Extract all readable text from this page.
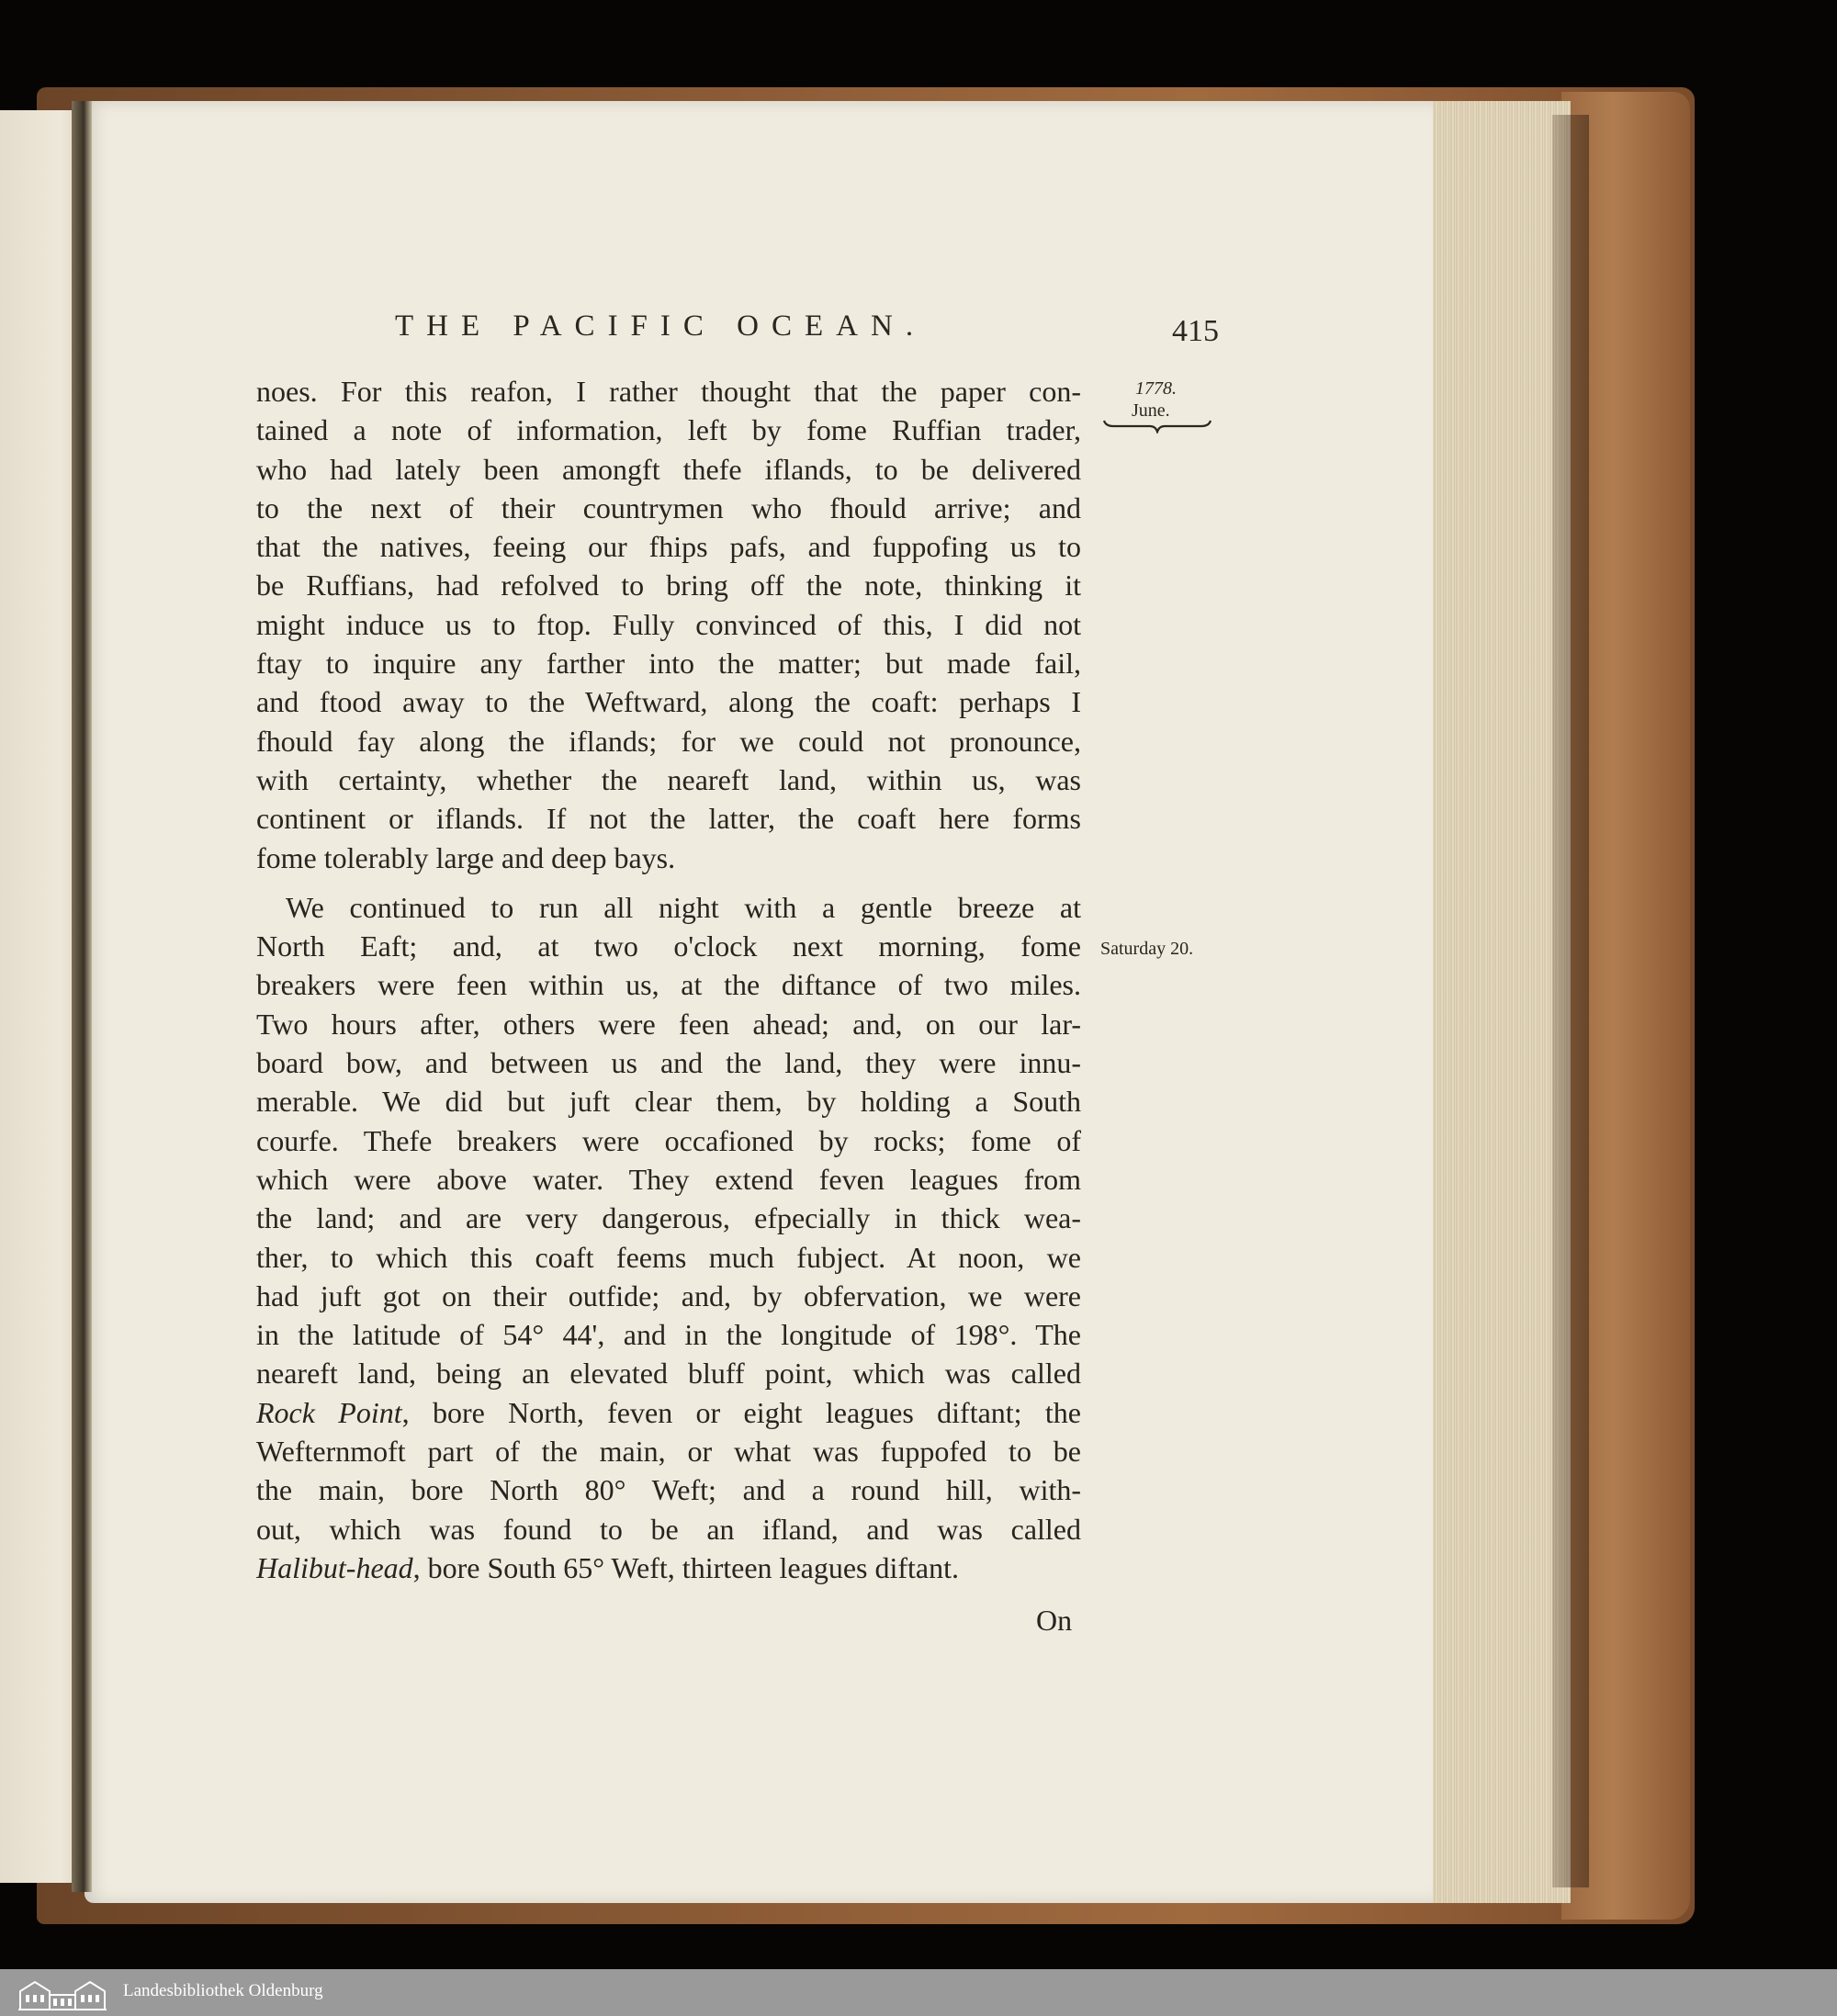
THE PACIFIC OCEAN.	415
1778.
June.
Saturday 20.
noes. For this reafon, I rather thought that the paper con-
tained a note of information, left by fome Ruffian trader,
who had lately been amongft thefe iflands, to be delivered
to the next of their countrymen who fhould arrive; and
that the natives, feeing our fhips pafs, and fuppofing us to
be Ruffians, had refolved to bring off the note, thinking it
might induce us to ftop. Fully convinced of this, I did not
ftay to inquire any farther into the matter; but made fail,
and ftood away to the Weftward, along the coaft: perhaps I
fhould fay along the iflands; for we could not pronounce,
with certainty, whether the neareft land, within us, was
continent or iflands. If not the latter, the coaft here forms
fome tolerably large and deep bays.
We continued to run all night with a gentle breeze at
North Eaft; and, at two o'clock next morning, fome
breakers were feen within us, at the diftance of two miles.
Two hours after, others were feen ahead; and, on our lar-
board bow, and between us and the land, they were innu-
merable. We did but juft clear them, by holding a South
courfe. Thefe breakers were occafioned by rocks; fome of
which were above water. They extend feven leagues from
the land; and are very dangerous, efpecially in thick wea-
ther, to which this coaft feems much fubject. At noon, we
had juft got on their outfide; and, by obfervation, we were
in the latitude of 54° 44', and in the longitude of 198°. The
neareft land, being an elevated bluff point, which was called
Rock Point, bore North, feven or eight leagues diftant; the
Wefternmoft part of the main, or what was fuppofed to be
the main, bore North 80° Weft; and a round hill, with-
out, which was found to be an ifland, and was called
Halibut-head, bore South 65° Weft, thirteen leagues diftant.
On
Landesbibliothek Oldenburg
